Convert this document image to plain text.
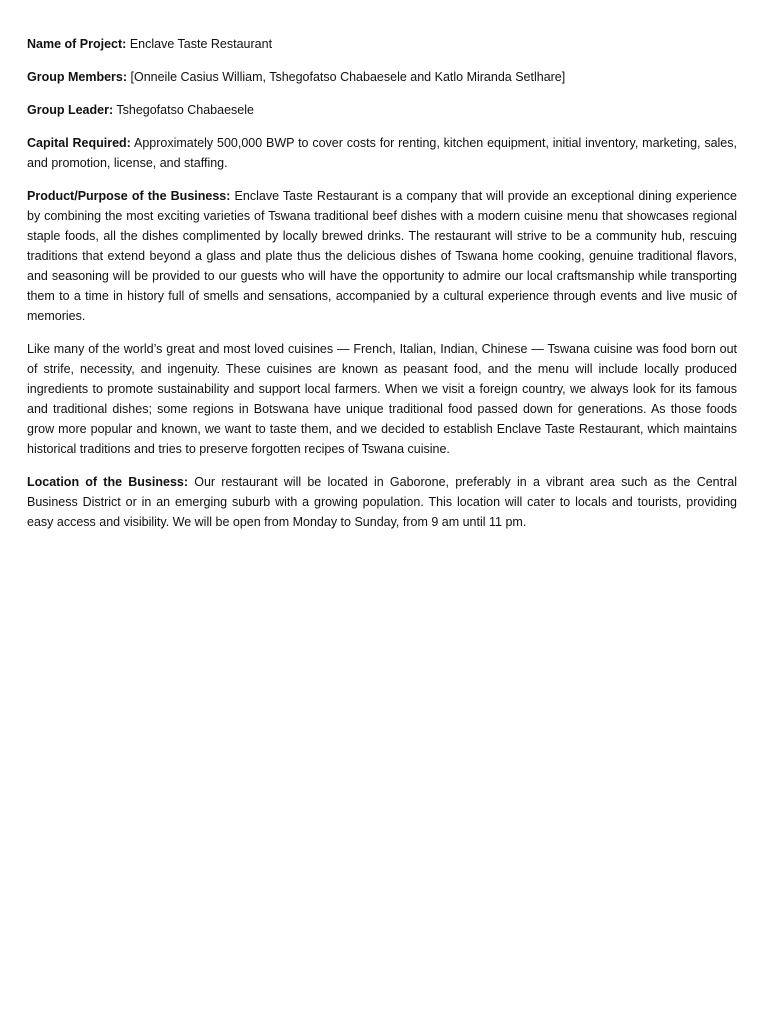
Name of Project: Enclave Taste Restaurant

Group Members: [Onneile Casius William, Tshegofatso Chabaesele and Katlo Miranda Setlhare]

Group Leader: Tshegofatso Chabaesele

Capital Required: Approximately 500,000 BWP to cover costs for renting, kitchen equipment, initial inventory, marketing, sales, and promotion, license, and staffing.

Product/Purpose of the Business: Enclave Taste Restaurant is a company that will provide an exceptional dining experience by combining the most exciting varieties of Tswana traditional beef dishes with a modern cuisine menu that showcases regional staple foods, all the dishes complimented by locally brewed drinks. The restaurant will strive to be a community hub, rescuing traditions that extend beyond a glass and plate thus the delicious dishes of Tswana home cooking, genuine traditional flavors, and seasoning will be provided to our guests who will have the opportunity to admire our local craftsmanship while transporting them to a time in history full of smells and sensations, accompanied by a cultural experience through events and live music of memories.

Like many of the world’s great and most loved cuisines — French, Italian, Indian, Chinese — Tswana cuisine was food born out of strife, necessity, and ingenuity. These cuisines are known as peasant food, and the menu will include locally produced ingredients to promote sustainability and support local farmers. When we visit a foreign country, we always look for its famous and traditional dishes; some regions in Botswana have unique traditional food passed down for generations. As those foods grow more popular and known, we want to taste them, and we decided to establish Enclave Taste Restaurant, which maintains historical traditions and tries to preserve forgotten recipes of Tswana cuisine.

Location of the Business: Our restaurant will be located in Gaborone, preferably in a vibrant area such as the Central Business District or in an emerging suburb with a growing population. This location will cater to locals and tourists, providing easy access and visibility. We will be open from Monday to Sunday, from 9 am until 11 pm.
